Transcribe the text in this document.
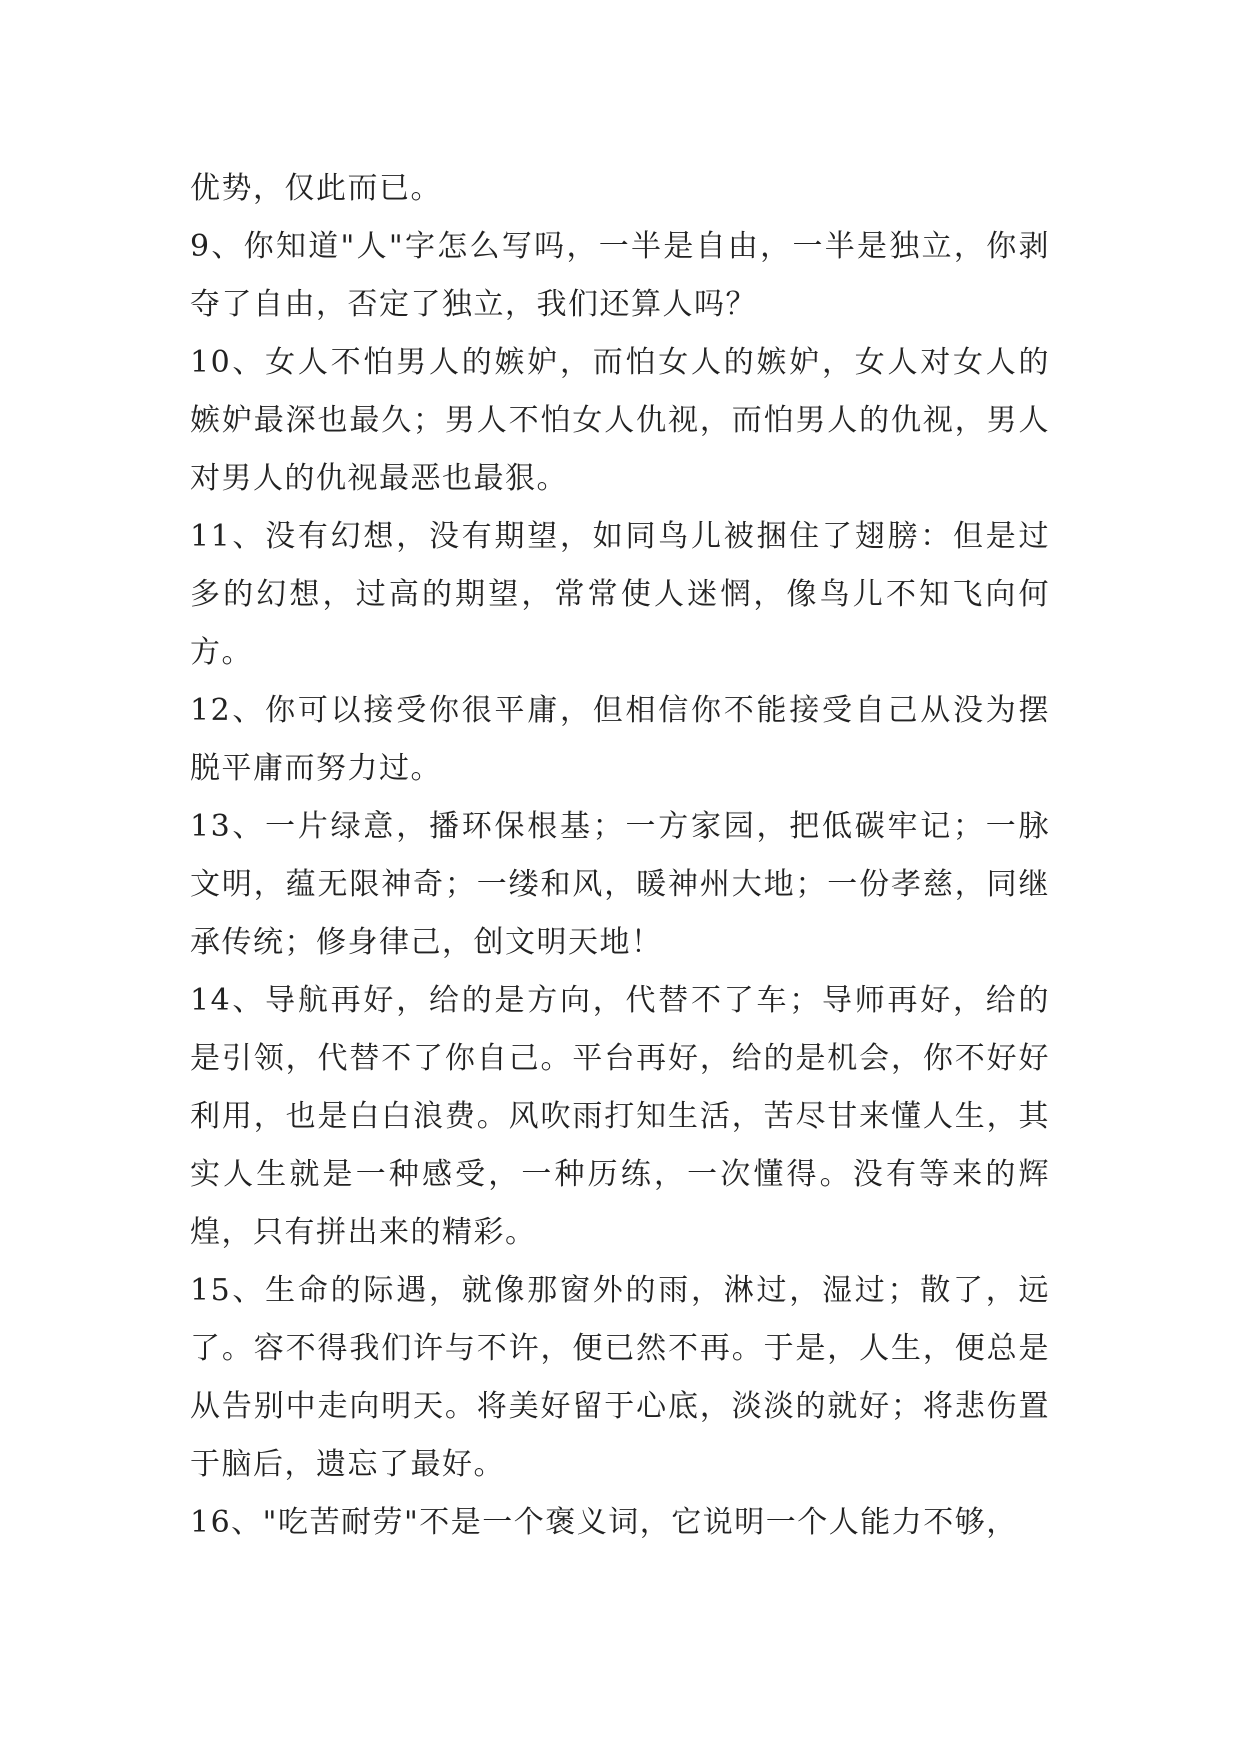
优势，仅此而已。

9、你知道"人"字怎么写吗，一半是自由，一半是独立，你剥夺了自由，否定了独立，我们还算人吗？

10、女人不怕男人的嫉妒，而怕女人的嫉妒，女人对女人的嫉妒最深也最久；男人不怕女人仇视，而怕男人的仇视，男人对男人的仇视最恶也最狠。

11、没有幻想，没有期望，如同鸟儿被捆住了翅膀：但是过多的幻想，过高的期望，常常使人迷惘，像鸟儿不知飞向何方。

12、你可以接受你很平庸，但相信你不能接受自己从没为摆脱平庸而努力过。

13、一片绿意，播环保根基；一方家园，把低碳牢记；一脉文明，蕴无限神奇；一缕和风，暖神州大地；一份孝慈，同继承传统；修身律己，创文明天地！

14、导航再好，给的是方向，代替不了车；导师再好，给的是引领，代替不了你自己。平台再好，给的是机会，你不好好利用，也是白白浪费。风吹雨打知生活，苦尽甘来懂人生，其实人生就是一种感受，一种历练，一次懂得。没有等来的辉煌，只有拼出来的精彩。

15、生命的际遇，就像那窗外的雨，淋过，湿过；散了，远了。容不得我们许与不许，便已然不再。于是，人生，便总是从告别中走向明天。将美好留于心底，淡淡的就好；将悲伤置于脑后，遗忘了最好。

16、"吃苦耐劳"不是一个褒义词，它说明一个人能力不够，
